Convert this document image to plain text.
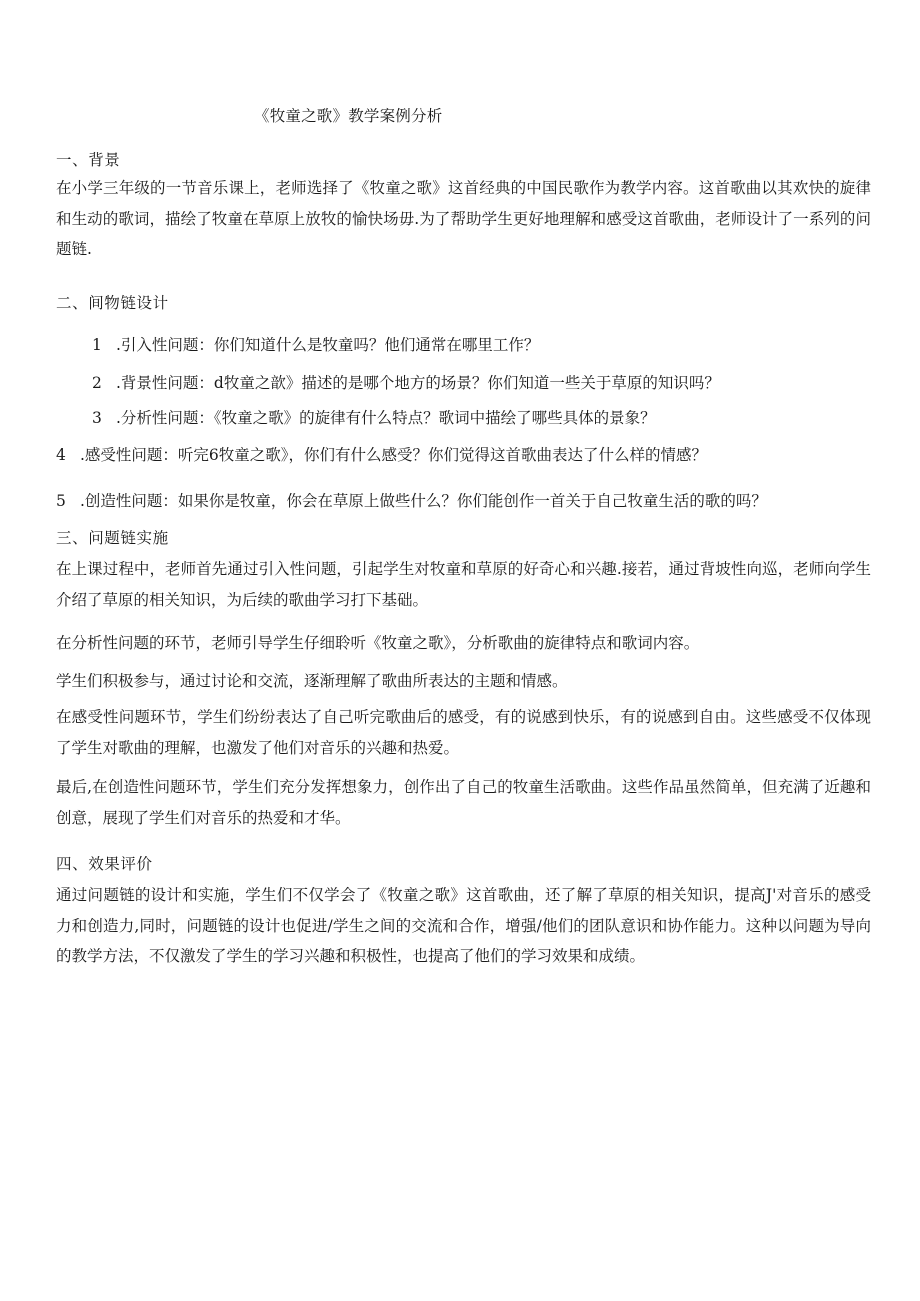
《牧童之歌》教学案例分析
一、背景
在小学三年级的一节音乐课上，老师选择了《牧童之歌》这首经典的中国民歌作为教学内容。这首歌曲以其欢快的旋律和生动的歌词，描绘了牧童在草原上放牧的愉快场毋.为了帮助学生更好地理解和感受这首歌曲，老师设计了一系列的问题链.
二、间物链设计
1 .引入性问题：你们知道什么是牧童吗？他们通常在哪里工作？
2 .背景性问题：d牧童之歆》描述的是哪个地方的场景？你们知道一些关于草原的知识吗？
3 .分析性问题：《牧童之歌》的旋律有什么特点？歌词中描绘了哪些具体的景象？
4 .感受性问题：听完6牧童之歌》，你们有什么感受？你们觉得这首歌曲表达了什么样的情感？
5 .创造性问题：如果你是牧童，你会在草原上做些什么？你们能创作一首关于自己牧童生活的歌的吗？
三、问题链实施
在上课过程中，老师首先通过引入性问题，引起学生对牧童和草原的好奇心和兴趣.接若，通过背坡性向巡，老师向学生介绍了草原的相关知识，为后续的歌曲学习打下基础。
在分析性问题的环节，老师引导学生仔细聆听《牧童之歌》，分析歌曲的旋律特点和歌词内容。
学生们积极参与，通过讨论和交流，逐渐理解了歌曲所表达的主题和情感。
在感受性问题环节，学生们纷纷表达了自己听完歌曲后的感受，有的说感到快乐，有的说感到自由。这些感受不仅体现了学生对歌曲的理解，也激发了他们对音乐的兴趣和热爱。
最后,在创造性问题环节，学生们充分发挥想象力，创作出了自己的牧童生活歌曲。这些作品虽然简单，但充满了近趣和创意，展现了学生们对音乐的热爱和才华。
四、效果评价
通过问题链的设计和实施，学生们不仅学会了《牧童之歌》这首歌曲，还了解了草原的相关知识，提高J'对音乐的感受力和创造力,同时，问题链的设计也促进/学生之间的交流和合作，增强/他们的团队意识和协作能力。这种以问题为导向的教学方法，不仅激发了学生的学习兴趣和积极性，也提高了他们的学习效果和成绩。
